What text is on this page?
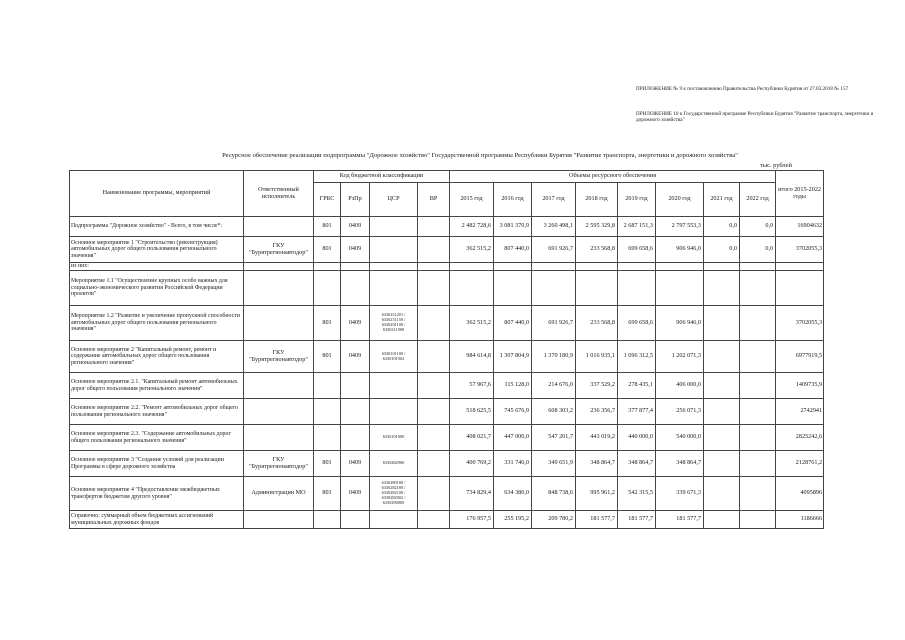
ПРИЛОЖЕНИЕ № 9 к постановлению Правительства Республики Бурятия от 27.03.2018 № 157
ПРИЛОЖЕНИЕ 10 к Государственной программе Республики Бурятия "Развитие транспорта, энергетики и дорожного хозяйства"
Ресурсное обеспечение реализации подпрограммы "Дорожное хозяйство" Государственной программы Республики Бурятия "Развитие транспорта, энергетики и дорожного хозяйства"
тыс. рублей
Наименование программы, мероприятий	Ответственный исполнитель	Код бюджетной классификации				Объемы ресурсного обеспечения								итого 2015-2022 годы
		ГРБС	РзПр	ЦСР	ВР	2015 год	2016 год	2017 год	2018 год	2019 год	2020 год	2021 год	2022 год	
Подпрограмма "Дорожное хозяйство" - Всего, в том числе*:		801	0409			2 482 728,6	3 081 370,9	3 260 498,1	2 595 329,8	2 687 151,3	2 797 553,3	0,0	0,0	16904632
Основное мероприятие 1 "Строительство (реконструкция) автомобильных дорог общего пользования регионального значения"	ГКУ "Бурятрегионавтодор"	801	0409			362 515,2	807 440,0	691 926,7	233 568,8	699 658,6	906 946,0	0,0	0,0	3702055,3
из них:														
Мероприятие 1.1 "Осуществление крупных особо важных для социально-экономического развития Российской Федерации проектов"														
Мероприятие 1.2 "Развитие и увеличение пропускной способности автомобильных дорог общего пользования регионального значения"		801	0409	6330251201 / 6330251150 / 6330201100 / 6330211900		362 515,2	807 440,0	691 926,7	233 568,8	699 658,6	906 946,0			3702055,3
Основное мероприятие 2 "Капитальный ремонт, ремонт и содержание автомобильных дорог общего пользования регионального значения"	ГКУ "Бурятрегионавтодор"	801	0409	6330101100 / 6330101902		984 614,8	1 307 804,9	1 370 180,9	1 016 935,1	1 096 312,5	1 202 071,3			6977919,5
Основное мероприятие 2.1. "Капитальный ремонт автомобильных дорог общего пользования регионального значения"						57 967,6	115 128,0	214 676,0	337 529,2	278 435,1	406 000,0			1409735,9
Основное мероприятие 2.2. "Ремонт автомобильных дорог общего пользования регионального значения"						518 625,5	745 676,9	608 303,2	236 356,7	377 877,4	256 071,3			2742941
Основное мероприятие 2.3. "Содержание автомобильных дорог общего пользования регионального значения"				6330101000		408 021,7	447 000,0	547 201,7	443 019,2	440 000,0	540 000,0			2825242,6
Основное мероприятие 3 "Создание условий для реализации Программы в сфере дорожного хозяйства	ГКУ "Бурятрегионавтодор"	801	0409	6330482900		400 769,2	331 746,0	349 651,9	348 864,7	348 864,7	348 864,7			2128761,2
Основное мероприятие 4 "Предоставление межбюджетных трансфертов бюджетам другого уровня"	Администрации МО	801	0409	6330280180 / 6330282180 / 6330282100 / 6330282902 / 6330290000		734 829,4	634 380,0	848 738,6	995 961,2	542 315,5	339 671,3			4095896
Справочно: суммарный объем бюджетных ассигнований муниципальных дорожных фондов						176 957,5	255 195,2	209 780,2	181 577,7	181 577,7	181 577,7			1186666
